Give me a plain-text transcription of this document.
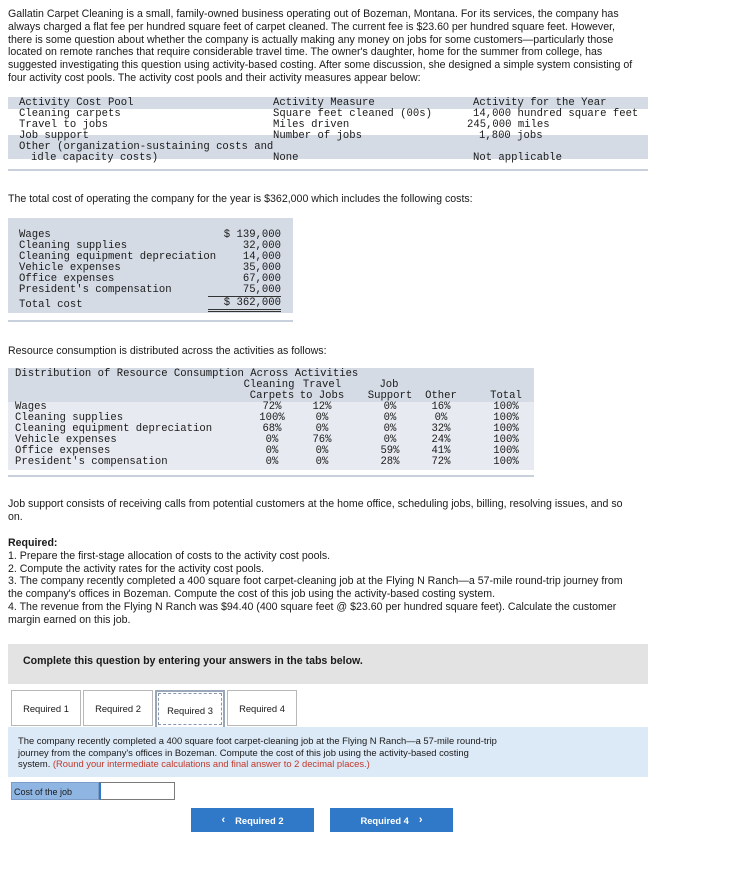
Gallatin Carpet Cleaning is a small, family-owned business operating out of Bozeman, Montana. For its services, the company has
always charged a flat fee per hundred square feet of carpet cleaned. The current fee is $23.60 per hundred square feet. However,
there is some question about whether the company is actually making any money on jobs for some customers—particularly those
located on remote ranches that require considerable travel time. The owner's daughter, home for the summer from college, has
suggested investigating this question using activity-based costing. After some discussion, she designed a simple system consisting of
four activity cost pools. The activity cost pools and their activity measures appear below:
Activity Cost Pool	Activity Measure	Activity for the Year
Cleaning carpets	Square feet cleaned (00s)	14,000 hundred square feet
Travel to jobs	Miles driven	245,000 miles
Job support	Number of jobs	1,800 jobs
Other (organization-sustaining costs and
idle capacity costs)	None	Not applicable
The total cost of operating the company for the year is $362,000 which includes the following costs:
Wages	$ 139,000
Cleaning supplies	32,000
Cleaning equipment depreciation	14,000
Vehicle expenses	35,000
Office expenses	67,000
President's compensation	75,000
Total cost	$ 362,000
Resource consumption is distributed across the activities as follows:
Distribution of Resource Consumption Across Activities
Cleaning Travel	Job
Carpets to Jobs	Support	Other	Total
Wages	72%	12%	0%	16%	100%
Cleaning supplies	100%	0%	0%	0%	100%
Cleaning equipment depreciation	68%	0%	0%	32%	100%
Vehicle expenses	0%	76%	0%	24%	100%
Office expenses	0%	0%	59%	41%	100%
President's compensation	0%	0%	28%	72%	100%
Job support consists of receiving calls from potential customers at the home office, scheduling jobs, billing, resolving issues, and so
on.
Required:
1. Prepare the first-stage allocation of costs to the activity cost pools.
2. Compute the activity rates for the activity cost pools.
3. The company recently completed a 400 square foot carpet-cleaning job at the Flying N Ranch—a 57-mile round-trip journey from
the company's offices in Bozeman. Compute the cost of this job using the activity-based costing system.
4. The revenue from the Flying N Ranch was $94.40 (400 square feet @ $23.60 per hundred square feet). Calculate the customer
margin earned on this job.
Complete this question by entering your answers in the tabs below.
Required 1	Required 2	Required 3	Required 4
The company recently completed a 400 square foot carpet-cleaning job at the Flying N Ranch—a 57-mile round-trip
journey from the company's offices in Bozeman. Compute the cost of this job using the activity-based costing
system. (Round your intermediate calculations and final answer to 2 decimal places.)
Cost of the job
‹ Required 2	Required 4 ›
